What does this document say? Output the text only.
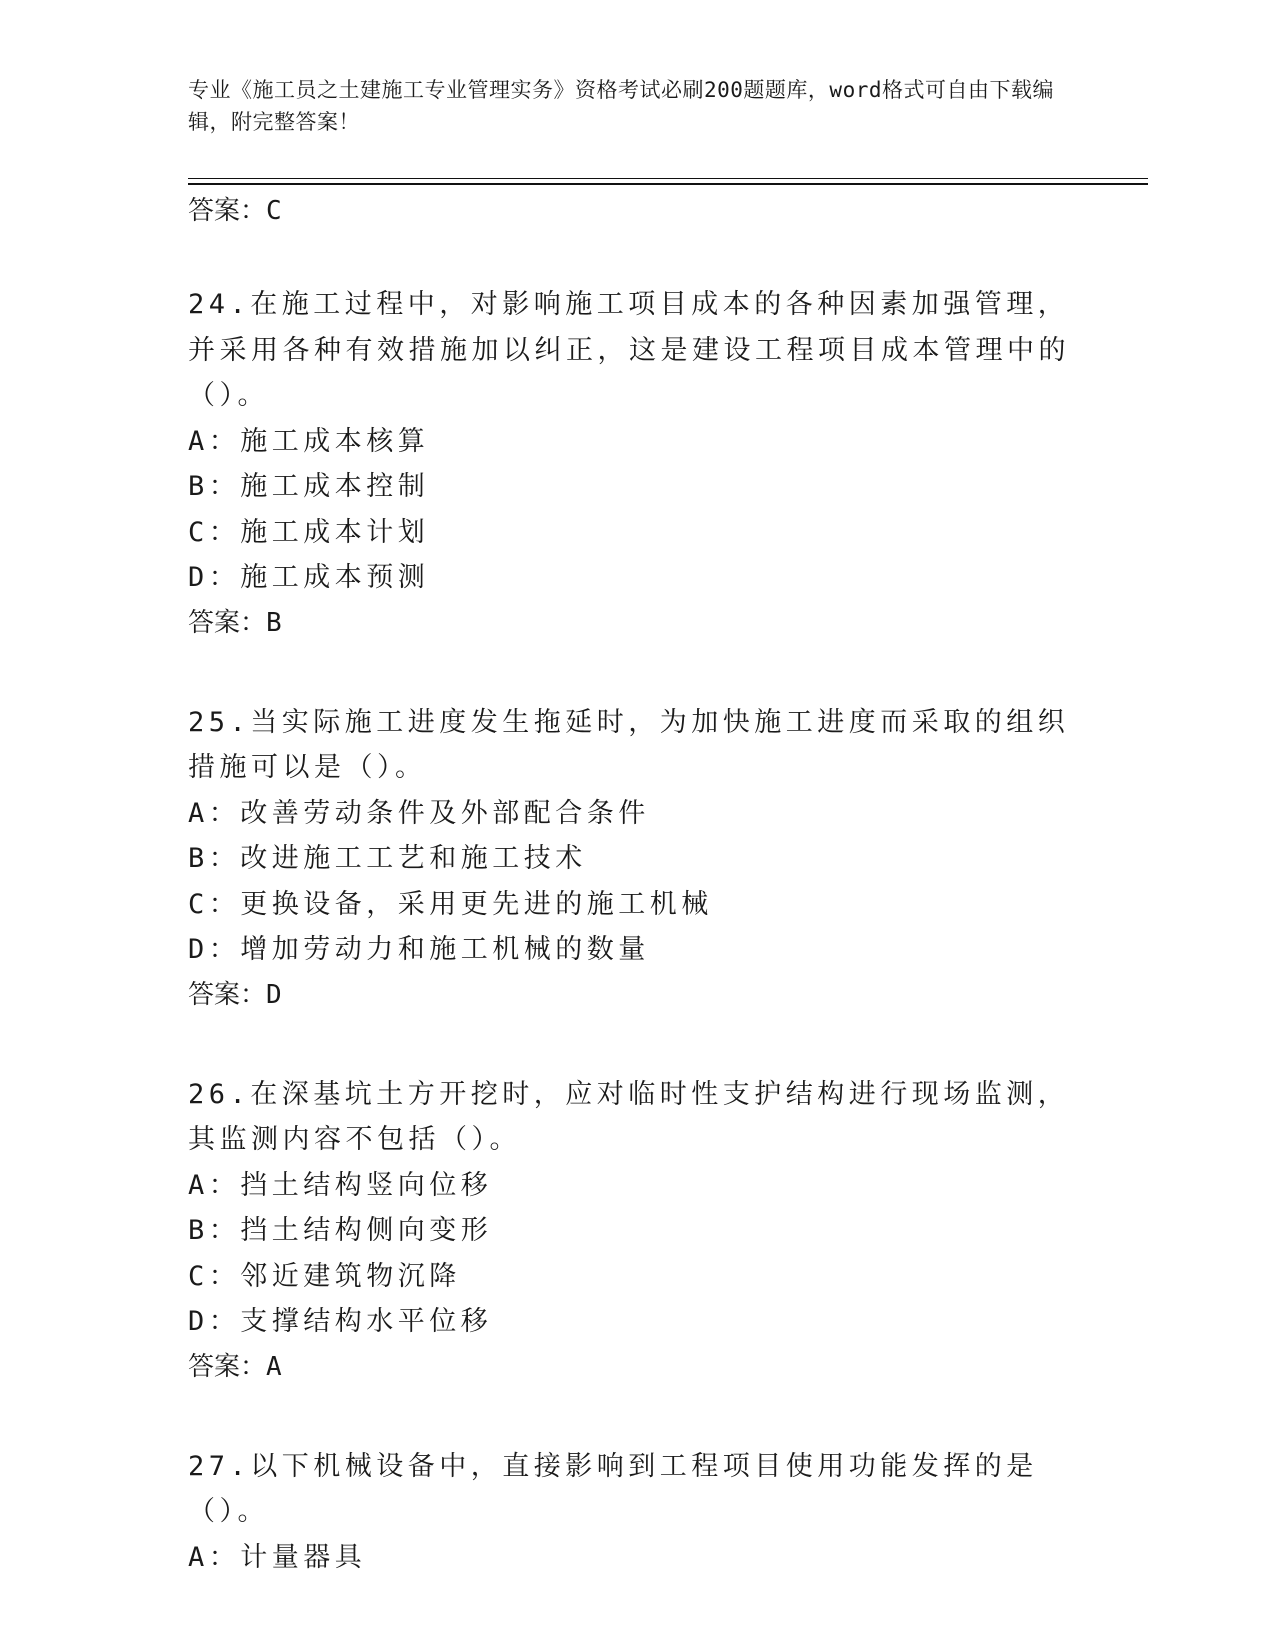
专业《施工员之土建施工专业管理实务》资格考试必刷200题题库，word格式可自由下载编辑，附完整答案！

答案：C

24.在施工过程中，对影响施工项目成本的各种因素加强管理，并采用各种有效措施加以纠正，这是建设工程项目成本管理中的（）。

A：施工成本核算

B：施工成本控制

C：施工成本计划

D：施工成本预测

答案：B

25.当实际施工进度发生拖延时，为加快施工进度而采取的组织措施可以是（）。

A：改善劳动条件及外部配合条件

B：改进施工工艺和施工技术

C：更换设备，采用更先进的施工机械

D：增加劳动力和施工机械的数量

答案：D

26.在深基坑土方开挖时，应对临时性支护结构进行现场监测，其监测内容不包括（）。

A：挡土结构竖向位移

B：挡土结构侧向变形

C：邻近建筑物沉降

D：支撑结构水平位移

答案：A

27.以下机械设备中，直接影响到工程项目使用功能发挥的是（）。

A：计量器具
